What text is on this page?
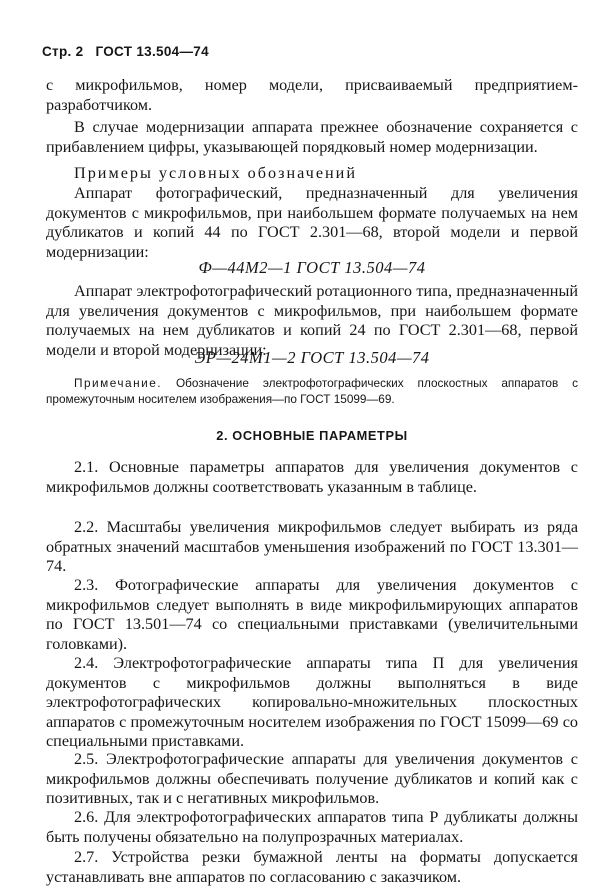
Стр. 2 ГОСТ 13.504—74

с микрофильмов, номер модели, присваиваемый предприятием-разработчиком.

В случае модернизации аппарата прежнее обозначение сохраняется с прибавлением цифры, указывающей порядковый номер модернизации.

Примеры условных обозначений

Аппарат фотографический, предназначенный для увеличения документов с микрофильмов, при наибольшем формате получаемых на нем дубликатов и копий 44 по ГОСТ 2.301—68, второй модели и первой модернизации:

Ф—44М2—1 ГОСТ 13.504—74

Аппарат электрофотографический ротационного типа, предназначенный для увеличения документов с микрофильмов, при наибольшем формате получаемых на нем дубликатов и копий 24 по ГОСТ 2.301—68, первой модели и второй модернизации:

ЭР—24М1—2 ГОСТ 13.504—74

Примечание. Обозначение электрофотографических плоскостных аппаратов с промежуточным носителем изображения—по ГОСТ 15099—69.

2. ОСНОВНЫЕ ПАРАМЕТРЫ

2.1. Основные параметры аппаратов для увеличения документов с микрофильмов должны соответствовать указанным в таблице.

2.2. Масштабы увеличения микрофильмов следует выбирать из ряда обратных значений масштабов уменьшения изображений по ГОСТ 13.301—74.

2.3. Фотографические аппараты для увеличения документов с микрофильмов следует выполнять в виде микрофильмирующих аппаратов по ГОСТ 13.501—74 со специальными приставками (увеличительными головками).

2.4. Электрофотографические аппараты типа П для увеличения документов с микрофильмов должны выполняться в виде электрофотографических копировально-множительных плоскостных аппаратов с промежуточным носителем изображения по ГОСТ 15099—69 со специальными приставками.

2.5. Электрофотографические аппараты для увеличения документов с микрофильмов должны обеспечивать получение дубликатов и копий как с позитивных, так и с негативных микрофильмов.

2.6. Для электрофотографических аппаратов типа Р дубликаты должны быть получены обязательно на полупрозрачных материалах.

2.7. Устройства резки бумажной ленты на форматы допускается устанавливать вне аппаратов по согласованию с заказчиком.
